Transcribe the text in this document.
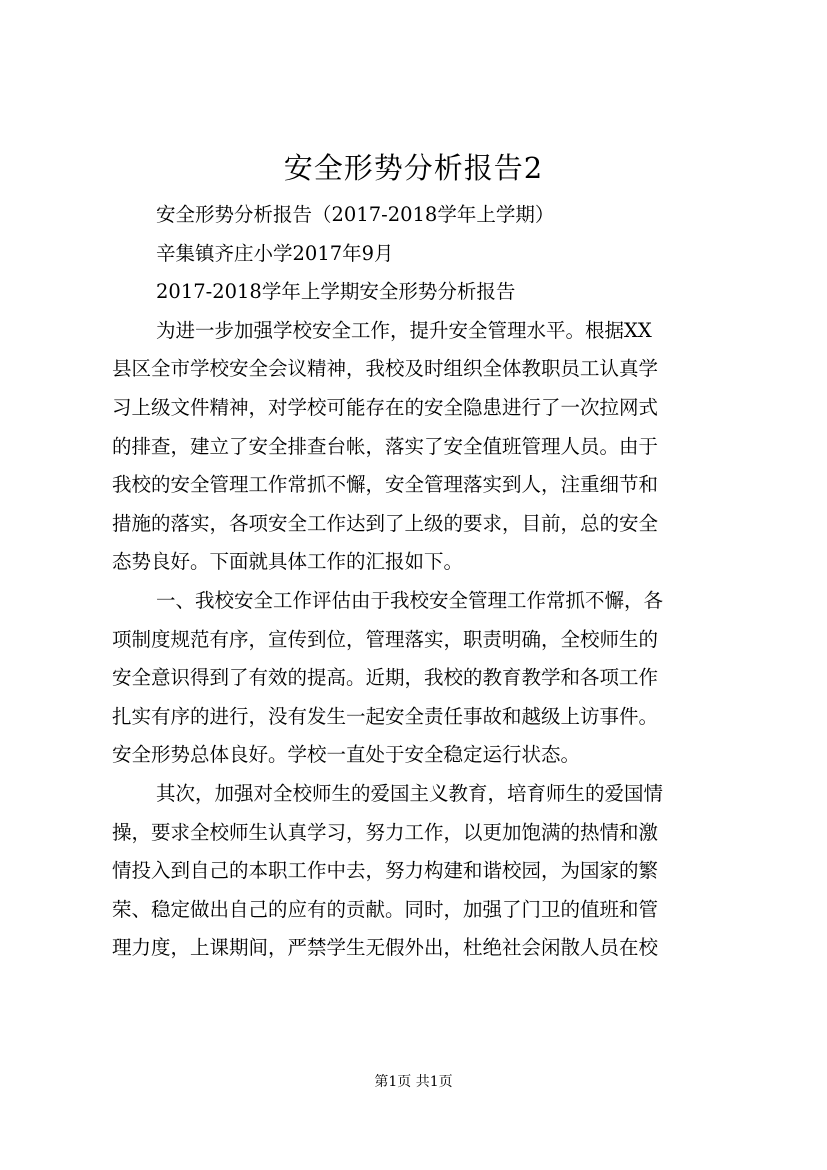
安全形势分析报告2

安全形势分析报告（2017-2018学年上学期）

辛集镇齐庄小学2017年9月

2017-2018学年上学期安全形势分析报告

为进一步加强学校安全工作，提升安全管理水平。根据XX

县区全市学校安全会议精神，我校及时组织全体教职员工认真学

习上级文件精神，对学校可能存在的安全隐患进行了一次拉网式

的排查，建立了安全排查台帐，落实了安全值班管理人员。由于

我校的安全管理工作常抓不懈，安全管理落实到人，注重细节和

措施的落实，各项安全工作达到了上级的要求，目前，总的安全

态势良好。下面就具体工作的汇报如下。

一、我校安全工作评估由于我校安全管理工作常抓不懈，各

项制度规范有序，宣传到位，管理落实，职责明确，全校师生的

安全意识得到了有效的提高。近期，我校的教育教学和各项工作

扎实有序的进行，没有发生一起安全责任事故和越级上访事件。

安全形势总体良好。学校一直处于安全稳定运行状态。

其次，加强对全校师生的爱国主义教育，培育师生的爱国情

操，要求全校师生认真学习，努力工作，以更加饱满的热情和激

情投入到自己的本职工作中去，努力构建和谐校园，为国家的繁

荣、稳定做出自己的应有的贡献。同时，加强了门卫的值班和管

理力度，上课期间，严禁学生无假外出，杜绝社会闲散人员在校

第1页 共1页
